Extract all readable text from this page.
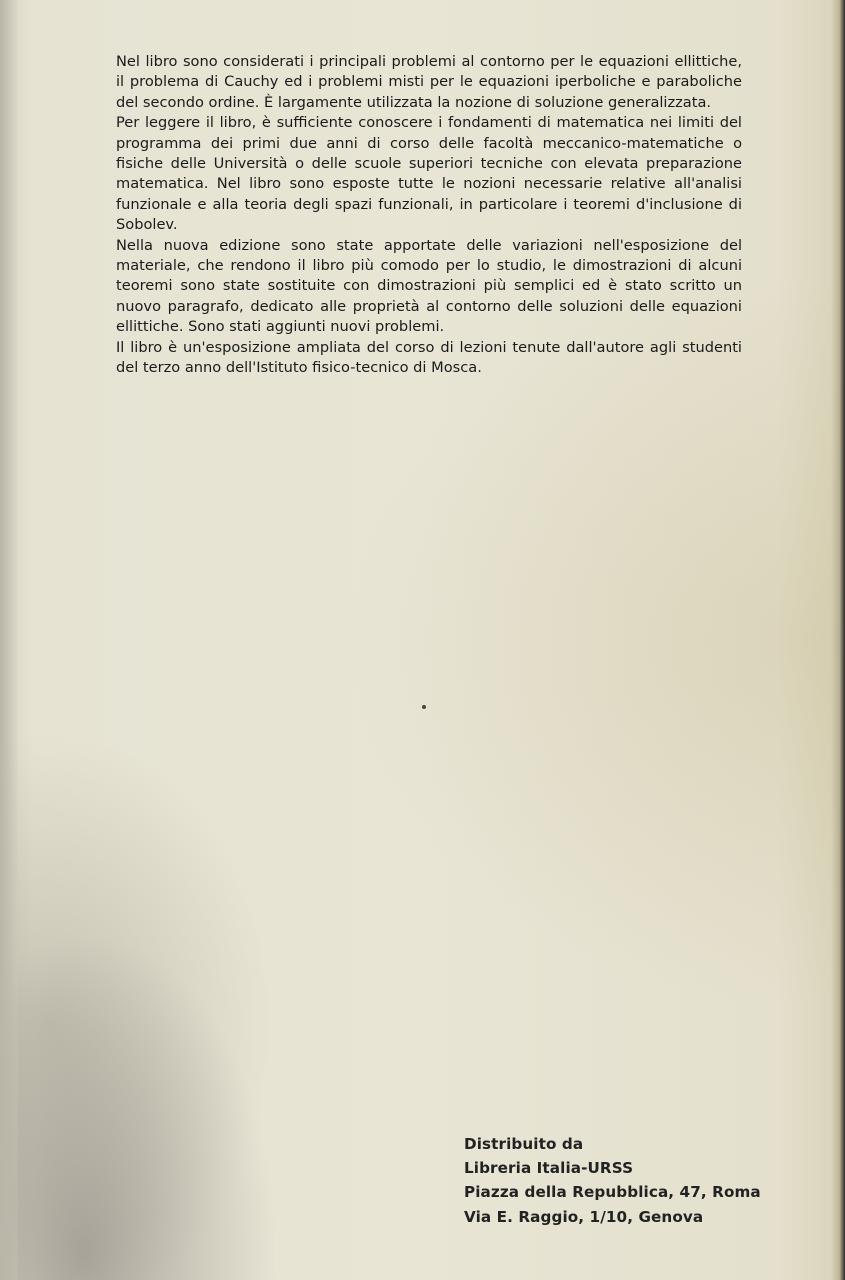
Nel libro sono considerati i principali problemi al contorno per le equazioni ellittiche, il problema di Cauchy ed i problemi misti per le equazioni iperboliche e paraboliche del secondo ordine. È largamente utilizzata la nozione di soluzione generalizzata.

Per leggere il libro, è sufficiente conoscere i fondamenti di matematica nei limiti del programma dei primi due anni di corso delle facoltà meccanico-matematiche o fisiche delle Università o delle scuole superiori tecniche con elevata preparazione matematica. Nel libro sono esposte tutte le nozioni necessarie relative all'analisi funzionale e alla teoria degli spazi funzionali, in particolare i teoremi d'inclusione di Sobolev.

Nella nuova edizione sono state apportate delle variazioni nell'esposizione del materiale, che rendono il libro più comodo per lo studio, le dimostrazioni di alcuni teoremi sono state sostituite con dimostrazioni più semplici ed è stato scritto un nuovo paragrafo, dedicato alle proprietà al contorno delle soluzioni delle equazioni ellittiche. Sono stati aggiunti nuovi problemi.

Il libro è un'esposizione ampliata del corso di lezioni tenute dall'autore agli studenti del terzo anno dell'Istituto fisico-tecnico di Mosca.

Distribuito da
Libreria Italia-URSS
Piazza della Repubblica, 47, Roma
Via E. Raggio, 1/10, Genova
